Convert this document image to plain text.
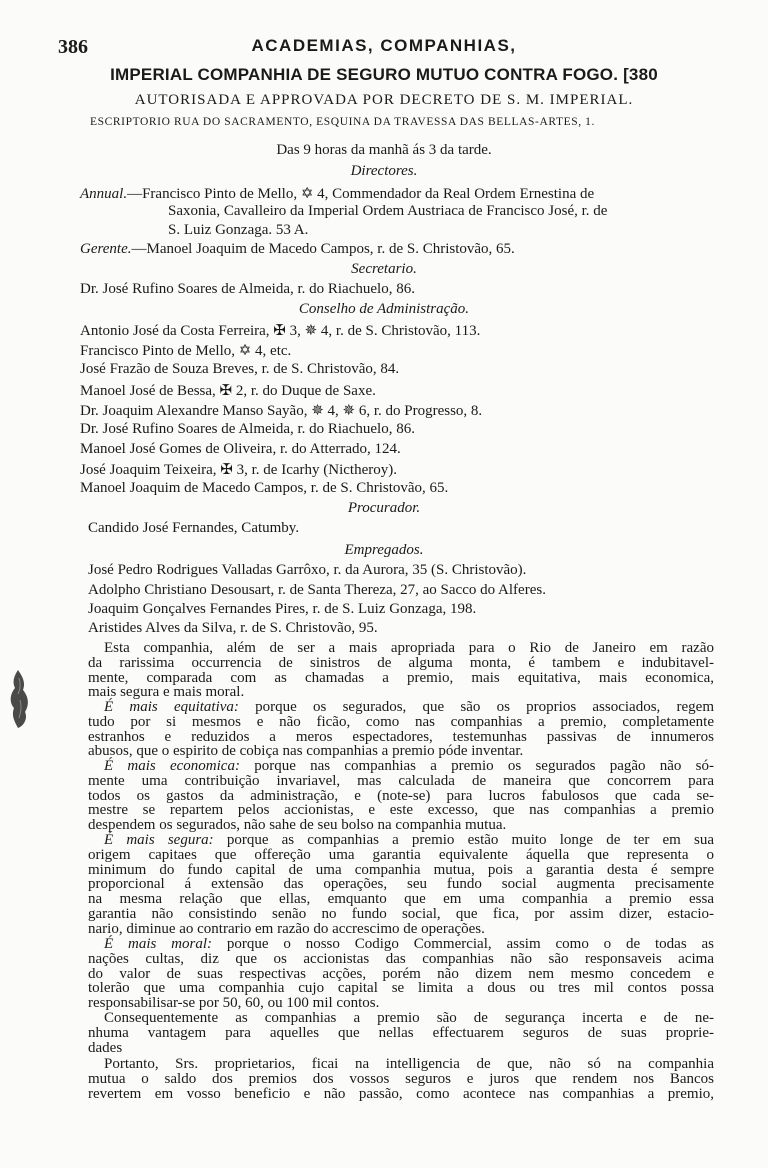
386	ACADEMIAS, COMPANHIAS,
IMPERIAL COMPANHIA DE SEGURO MUTUO CONTRA FOGO. [380
AUTORISADA E APPROVADA POR DECRETO DE S. M. IMPERIAL.
ESCRIPTORIO RUA DO SACRAMENTO, ESQUINA DA TRAVESSA DAS BELLAS-ARTES, 1.
Das 9 horas da manhã ás 3 da tarde.
Directores.
Annual.—Francisco Pinto de Mello, ✡ 4, Commendador da Real Ordem Ernestina de
Saxonia, Cavalleiro da Imperial Ordem Austriaca de Francisco José, r. de
S. Luiz Gonzaga. 53 A.
Gerente.—Manoel Joaquim de Macedo Campos, r. de S. Christovão, 65.
Secretario.
Dr. José Rufino Soares de Almeida, r. do Riachuelo, 86.
Conselho de Administração.
Antonio José da Costa Ferreira, ✠ 3, ✵ 4, r. de S. Christovão, 113.
Francisco Pinto de Mello, ✡ 4, etc.
José Frazão de Souza Breves, r. de S. Christovão, 84.
Manoel José de Bessa, ✠ 2, r. do Duque de Saxe.
Dr. Joaquim Alexandre Manso Sayão, ✵ 4, ✵ 6, r. do Progresso, 8.
Dr. José Rufino Soares de Almeida, r. do Riachuelo, 86.
Manoel José Gomes de Oliveira, r. do Atterrado, 124.
José Joaquim Teixeira, ✠ 3, r. de Icarhy (Nictheroy).
Manoel Joaquim de Macedo Campos, r. de S. Christovão, 65.
Procurador.
Candido José Fernandes, Catumby.
Empregados.
José Pedro Rodrigues Valladas Garrôxo, r. da Aurora, 35 (S. Christovão).
Adolpho Christiano Desousart, r. de Santa Thereza, 27, ao Sacco do Alferes.
Joaquim Gonçalves Fernandes Pires, r. de S. Luiz Gonzaga, 198.
Aristides Alves da Silva, r. de S. Christovão, 95.
Esta companhia, além de ser a mais apropriada para o Rio de Janeiro em razão
da rarissima occurrencia de sinistros de alguma monta, é tambem e indubitavel-
mente, comparada com as chamadas a premio, mais equitativa, mais economica,
mais segura e mais moral.
É mais equitativa: porque os segurados, que são os proprios associados, regem
tudo por si mesmos e não ficão, como nas companhias a premio, completamente
estranhos e reduzidos a meros espectadores, testemunhas passivas de innumeros
abusos, que o espirito de cobiça nas companhias a premio póde inventar.
É mais economica: porque nas companhias a premio os segurados pagão não só-
mente uma contribuição invariavel, mas calculada de maneira que concorrem para
todos os gastos da administração, e (note-se) para lucros fabulosos que cada se-
mestre se repartem pelos accionistas, e este excesso, que nas companhias a premio
despendem os segurados, não sahe de seu bolso na companhia mutua.
É mais segura: porque as companhias a premio estão muito longe de ter em sua
origem capitaes que offereção uma garantia equivalente áquella que representa o
minimum do fundo capital de uma companhia mutua, pois a garantia desta é sempre
proporcional á extensão das operações, seu fundo social augmenta precisamente
na mesma relação que ellas, emquanto que em uma companhia a premio essa
garantia não consistindo senão no fundo social, que fica, por assim dizer, estacio-
nario, diminue ao contrario em razão do accrescimo de operações.
É mais moral: porque o nosso Codigo Commercial, assim como o de todas as
nações cultas, diz que os accionistas das companhias não são responsaveis acima
do valor de suas respectivas acções, porém não dizem nem mesmo concedem e
tolerão que uma companhia cujo capital se limita a dous ou tres mil contos possa
responsabilisar-se por 50, 60, ou 100 mil contos.
Consequentemente as companhias a premio são de segurança incerta e de ne-
nhuma vantagem para aquelles que nellas effectuarem seguros de suas proprie-
dades
Portanto, Srs. proprietarios, ficai na intelligencia de que, não só na companhia
mutua o saldo dos premios dos vossos seguros e juros que rendem nos Bancos
revertem em vosso beneficio e não passão, como acontece nas companhias a premio,
